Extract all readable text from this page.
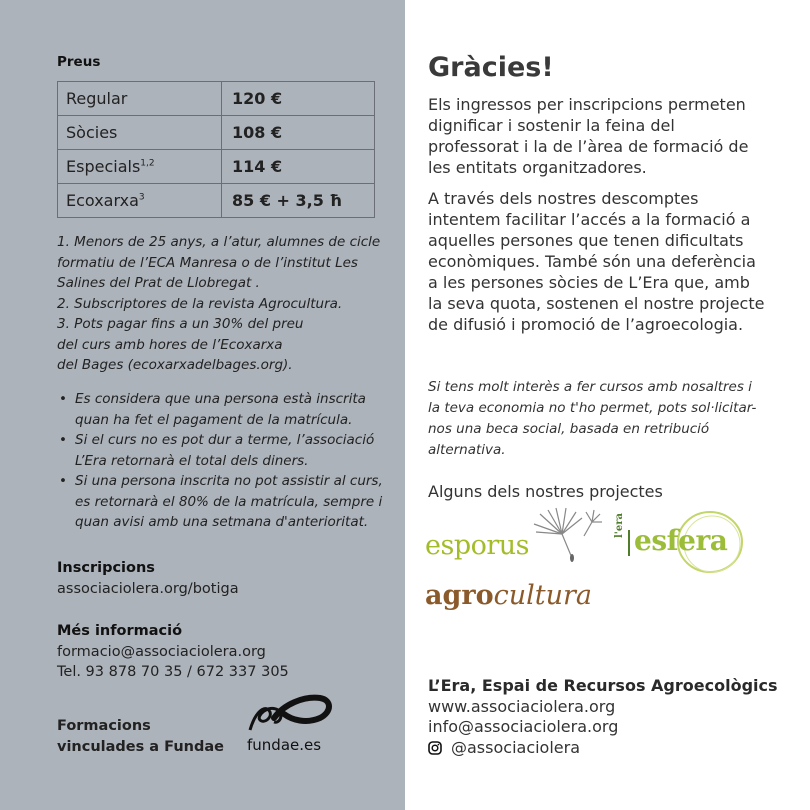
Preus
Regular	120 €
Sòcies	108 €
Especials$^{1,2}$	114 €
Ecoxarxa$^3$	85 € + 3,5 ħ
1. Menors de 25 anys, a l’atur, alumnes de cicle
formatiu de l’ECA Manresa o de l’institut Les
Salines del Prat de Llobregat .
2. Subscriptores de la revista Agrocultura.
3. Pots pagar fins a un 30% del preu
del curs amb hores de l’Ecoxarxa
del Bages (ecoxarxadelbages.org).
• Es considera que una persona està inscrita quan ha fet el pagament de la matrícula.
• Si el curs no es pot dur a terme, l’associació L’Era retornarà el total dels diners.
• Si una persona inscrita no pot assistir al curs, es retornarà el 80% de la matrícula, sempre i quan avisi amb una setmana d'anterioritat.
Inscripcions
associaciolera.org/botiga
Més informació
formacio@associaciolera.org
Tel. 93 878 70 35 / 672 337 305
Formacions
vinculades a Fundae fundae.es
Gràcies!
Els ingressos per inscripcions permeten dignificar i sostenir la feina del professorat i la de l’àrea de formació de les entitats organitzadores.
A través dels nostres descomptes intentem facilitar l’accés a la formació a aquelles persones que tenen dificultats econòmiques. També són una deferència a les persones sòcies de L’Era que, amb la seva quota, sostenen el nostre projecte de difusió i promoció de l’agroecologia.
Si tens molt interès a fer cursos amb nosaltres i la teva economia no t'ho permet, pots sol·licitar-nos una beca social, basada en retribució alternativa.
Alguns dels nostres projectes
esporus
l'era esfera
agrocultura
L’Era, Espai de Recursos Agroecològics
www.associaciolera.org
info@associaciolera.org
@associaciolera
